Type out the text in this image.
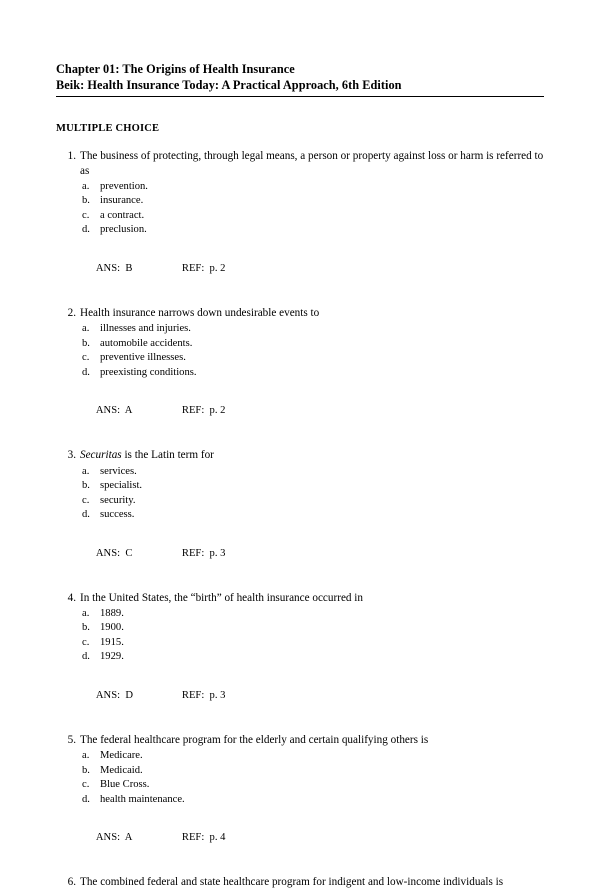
Chapter 01: The Origins of Health Insurance
Beik: Health Insurance Today: A Practical Approach, 6th Edition
MULTIPLE CHOICE
1. The business of protecting, through legal means, a person or property against loss or harm is referred to as

a.	prevention.
b. insurance.
c.	a contract.
d. preclusion.

ANS:  B	REF:  p. 2

2. Health insurance narrows down undesirable events to

a.	illnesses and injuries.
b. automobile accidents.
c.	preventive illnesses.
d. preexisting conditions.

ANS:  A	REF:  p. 2

3. Securitas is the Latin term for

a.	services.
b. specialist.
c.	security.
d. success.

ANS:  C	REF:  p. 3

4. In the United States, the “birth” of health insurance occurred in

a.	1889.
b. 1900.
c.	1915.
d. 1929.

ANS:  D	REF:  p. 3

5. The federal healthcare program for the elderly and certain qualifying others is

a.	Medicare.
b. Medicaid.
c.	Blue Cross.
d. health maintenance.

ANS:  A	REF:  p. 4

6. The combined federal and state healthcare program for indigent and low-income individuals is
